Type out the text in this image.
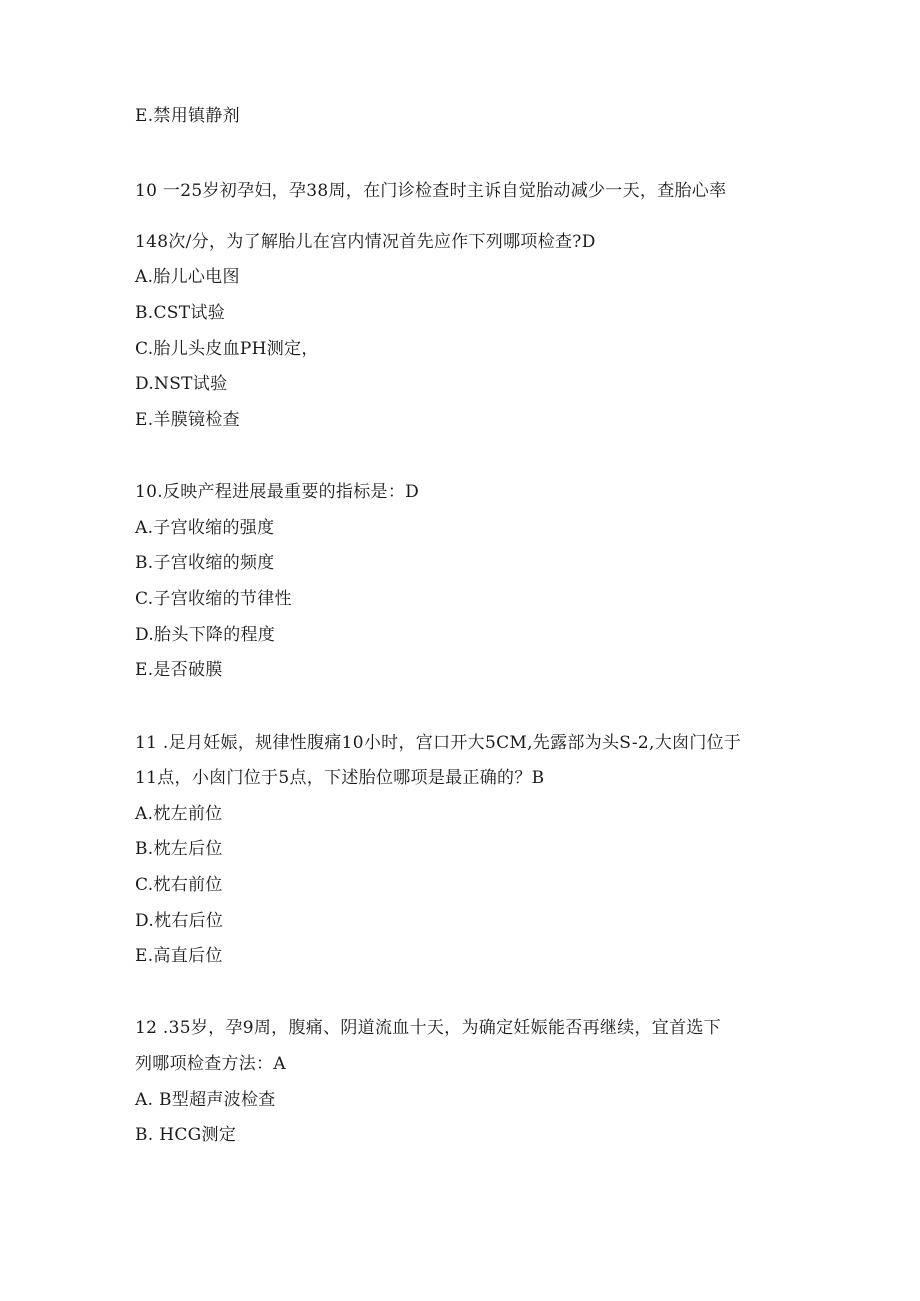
E.禁用镇静剂
10 一25岁初孕妇，孕38周，在门诊检查时主诉自觉胎动减少一天，查胎心率
148次/分，为了解胎儿在宫内情况首先应作下列哪项检查?D
A.胎儿心电图
B.CST试验
C.胎儿头皮血PH测定，
D.NST试验
E.羊膜镜检查
10.反映产程进展最重要的指标是：D
A.子宫收缩的强度
B.子宫收缩的频度
C.子宫收缩的节律性
D.胎头下降的程度
E.是否破膜
11 .足月妊娠，规律性腹痛10小时，宫口开大5CM,先露部为头S-2,大囱门位于
11点，小囱门位于5点，下述胎位哪项是最正确的？B
A.枕左前位
B.枕左后位
C.枕右前位
D.枕右后位
E.高直后位
12 .35岁，孕9周，腹痛、阴道流血十天，为确定妊娠能否再继续，宜首选下
列哪项检查方法：A
A. B型超声波检查
B. HCG测定
